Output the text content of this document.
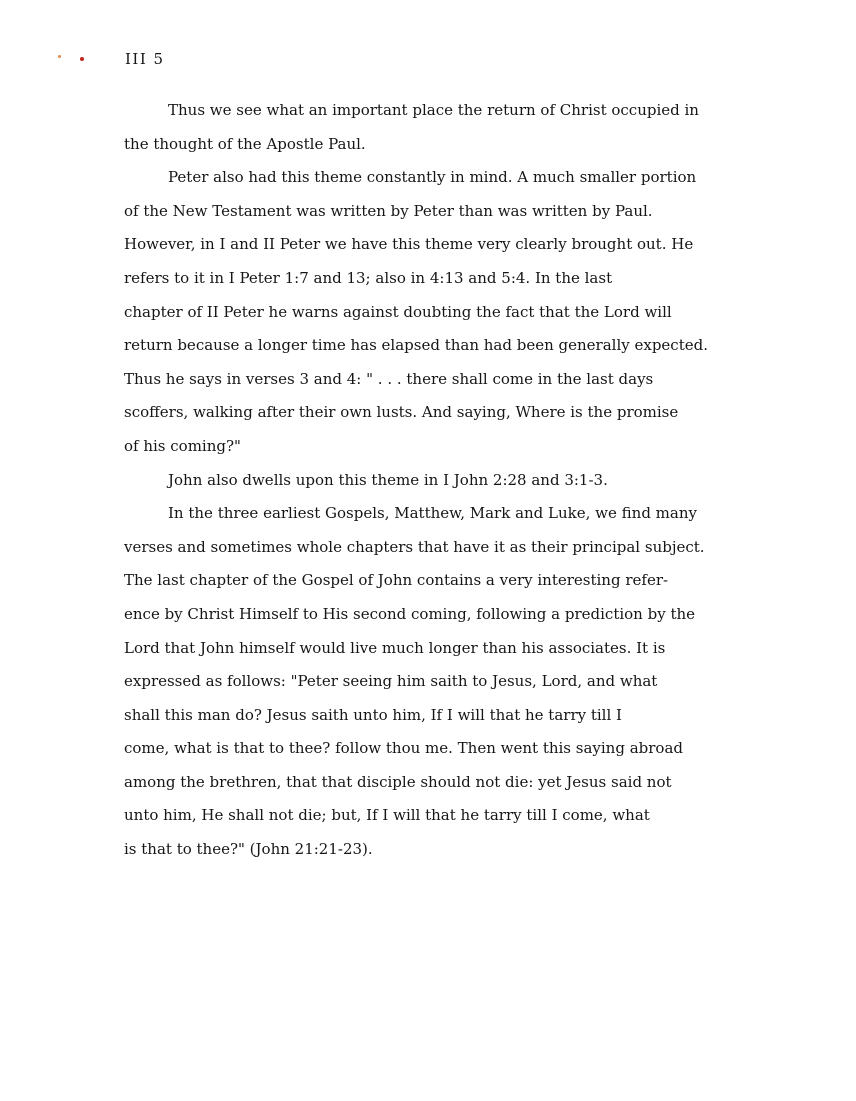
III 5
Thus we see what an important place the return of Christ occupied in
the thought of the Apostle Paul.
Peter also had this theme constantly in mind. A much smaller portion
of the New Testament was written by Peter than was written by Paul.
However, in I and II Peter we have this theme very clearly brought out. He
refers to it in I Peter 1:7 and 13; also in 4:13 and 5:4. In the last
chapter of II Peter he warns against doubting the fact that the Lord will
return because a longer time has elapsed than had been generally expected.
Thus he says in verses 3 and 4: " . . . there shall come in the last days
scoffers, walking after their own lusts. And saying, Where is the promise
of his coming?"
John also dwells upon this theme in I John 2:28 and 3:1-3.
In the three earliest Gospels, Matthew, Mark and Luke, we find many
verses and sometimes whole chapters that have it as their principal subject.
The last chapter of the Gospel of John contains a very interesting refer-
ence by Christ Himself to His second coming, following a prediction by the
Lord that John himself would live much longer than his associates. It is
expressed as follows: "Peter seeing him saith to Jesus, Lord, and what
shall this man do? Jesus saith unto him, If I will that he tarry till I
come, what is that to thee? follow thou me. Then went this saying abroad
among the brethren, that that disciple should not die: yet Jesus said not
unto him, He shall not die; but, If I will that he tarry till I come, what
is that to thee?" (John 21:21-23).
